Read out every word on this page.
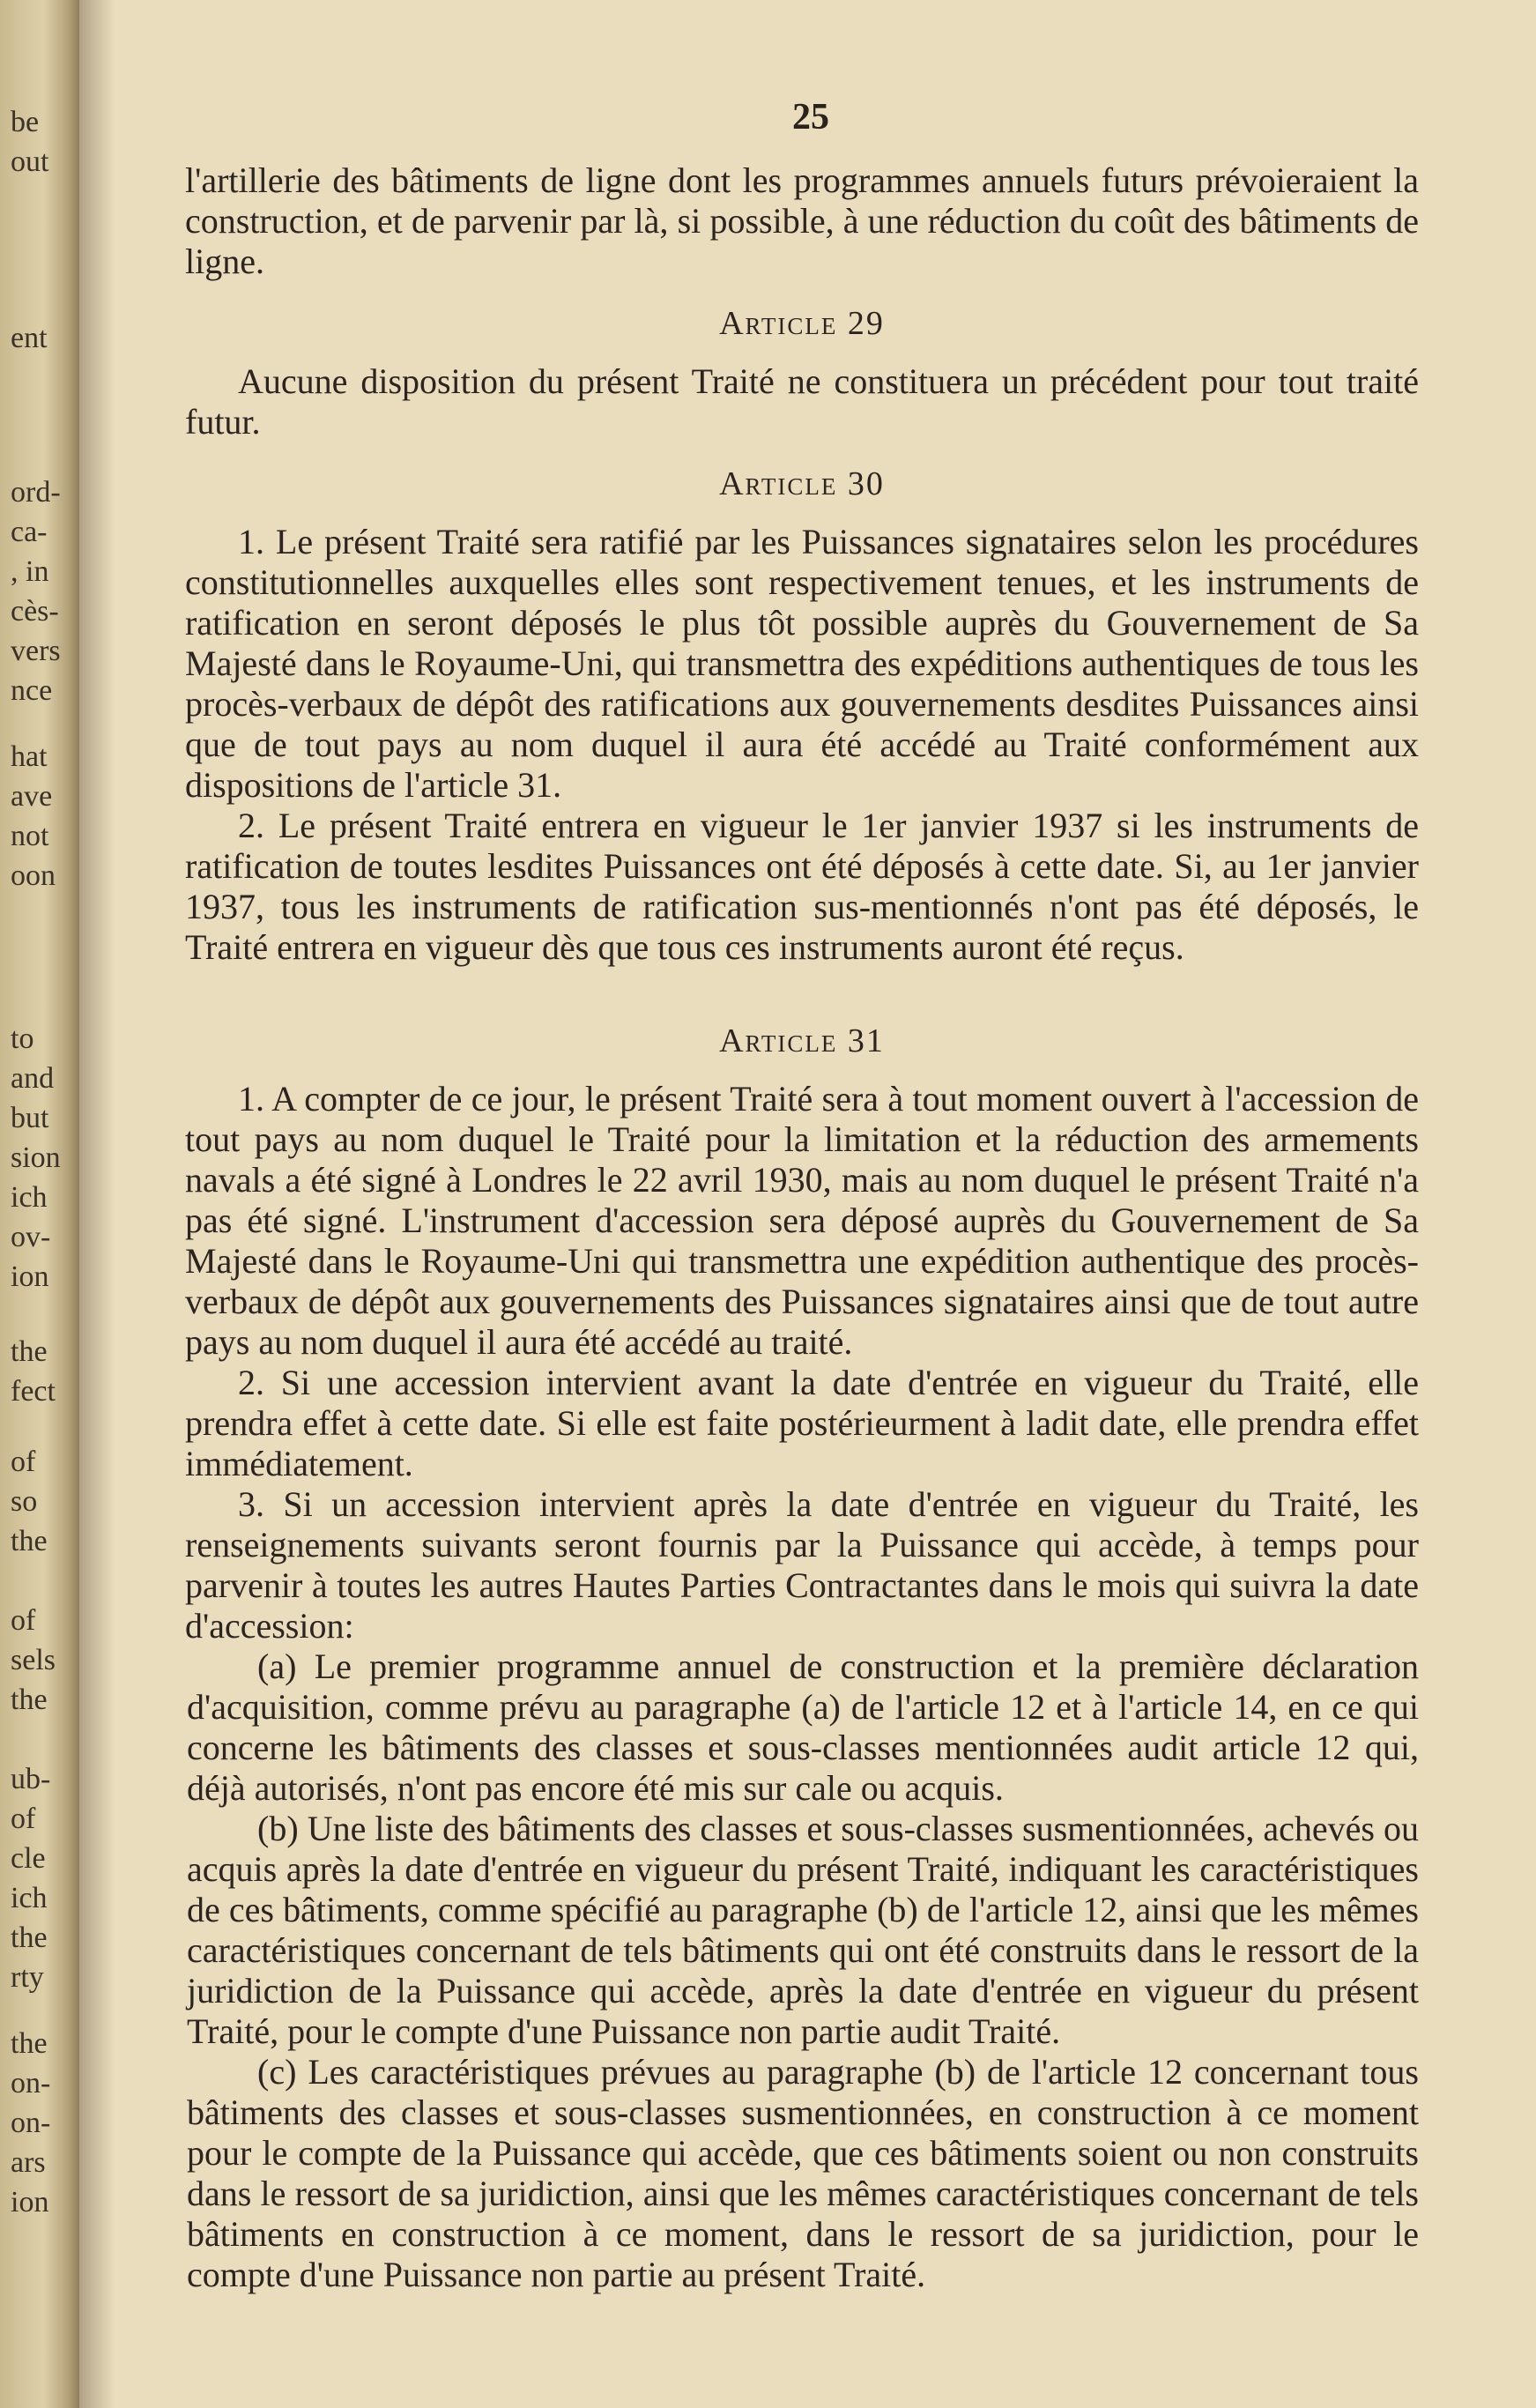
be
out
ent
ord-
ca-
, in
cès-
vers
nce
hat
ave
not
oon
to
and
but
sion
ich
ov-
ion
the
fect
of
so
the
of
sels
the
ub-
of
cle
ich
the
rty
the
on-
on-
ars
ion
25

l'artillerie des bâtiments de ligne dont les programmes annuels futurs prévoieraient la construction, et de parvenir par là, si possible, à une réduction du coût des bâtiments de ligne.

Article 29

Aucune disposition du présent Traité ne constituera un précédent pour tout traité futur.

Article 30

1. Le présent Traité sera ratifié par les Puissances signataires selon les procédures constitutionnelles auxquelles elles sont respectivement tenues, et les instruments de ratification en seront déposés le plus tôt possible auprès du Gouvernement de Sa Majesté dans le Royaume-Uni, qui transmettra des expéditions authentiques de tous les procès-verbaux de dépôt des ratifications aux gouvernements desdites Puissances ainsi que de tout pays au nom duquel il aura été accédé au Traité conformément aux dispositions de l'article 31.

2. Le présent Traité entrera en vigueur le 1er janvier 1937 si les instruments de ratification de toutes lesdites Puissances ont été déposés à cette date. Si, au 1er janvier 1937, tous les instruments de ratification sus-mentionnés n'ont pas été déposés, le Traité entrera en vigueur dès que tous ces instruments auront été reçus.

Article 31

1. A compter de ce jour, le présent Traité sera à tout moment ouvert à l'accession de tout pays au nom duquel le Traité pour la limitation et la réduction des armements navals a été signé à Londres le 22 avril 1930, mais au nom duquel le présent Traité n'a pas été signé. L'instrument d'accession sera déposé auprès du Gouvernement de Sa Majesté dans le Royaume-Uni qui transmettra une expédition authentique des procès-verbaux de dépôt aux gouvernements des Puissances signataires ainsi que de tout autre pays au nom duquel il aura été accédé au traité.

2. Si une accession intervient avant la date d'entrée en vigueur du Traité, elle prendra effet à cette date. Si elle est faite postérieurment à ladit date, elle prendra effet immédiatement.

3. Si un accession intervient après la date d'entrée en vigueur du Traité, les renseignements suivants seront fournis par la Puissance qui accède, à temps pour parvenir à toutes les autres Hautes Parties Contractantes dans le mois qui suivra la date d'accession:

(a) Le premier programme annuel de construction et la première déclaration d'acquisition, comme prévu au paragraphe (a) de l'article 12 et à l'article 14, en ce qui concerne les bâtiments des classes et sous-classes mentionnées audit article 12 qui, déjà autorisés, n'ont pas encore été mis sur cale ou acquis.

(b) Une liste des bâtiments des classes et sous-classes susmentionnées, achevés ou acquis après la date d'entrée en vigueur du présent Traité, indiquant les caractéristiques de ces bâtiments, comme spécifié au paragraphe (b) de l'article 12, ainsi que les mêmes caractéristiques concernant de tels bâtiments qui ont été construits dans le ressort de la juridiction de la Puissance qui accède, après la date d'entrée en vigueur du présent Traité, pour le compte d'une Puissance non partie audit Traité.

(c) Les caractéristiques prévues au paragraphe (b) de l'article 12 concernant tous bâtiments des classes et sous-classes susmentionnées, en construction à ce moment pour le compte de la Puissance qui accède, que ces bâtiments soient ou non construits dans le ressort de sa juridiction, ainsi que les mêmes caractéristiques concernant de tels bâtiments en construction à ce moment, dans le ressort de sa juridiction, pour le compte d'une Puissance non partie au présent Traité.
